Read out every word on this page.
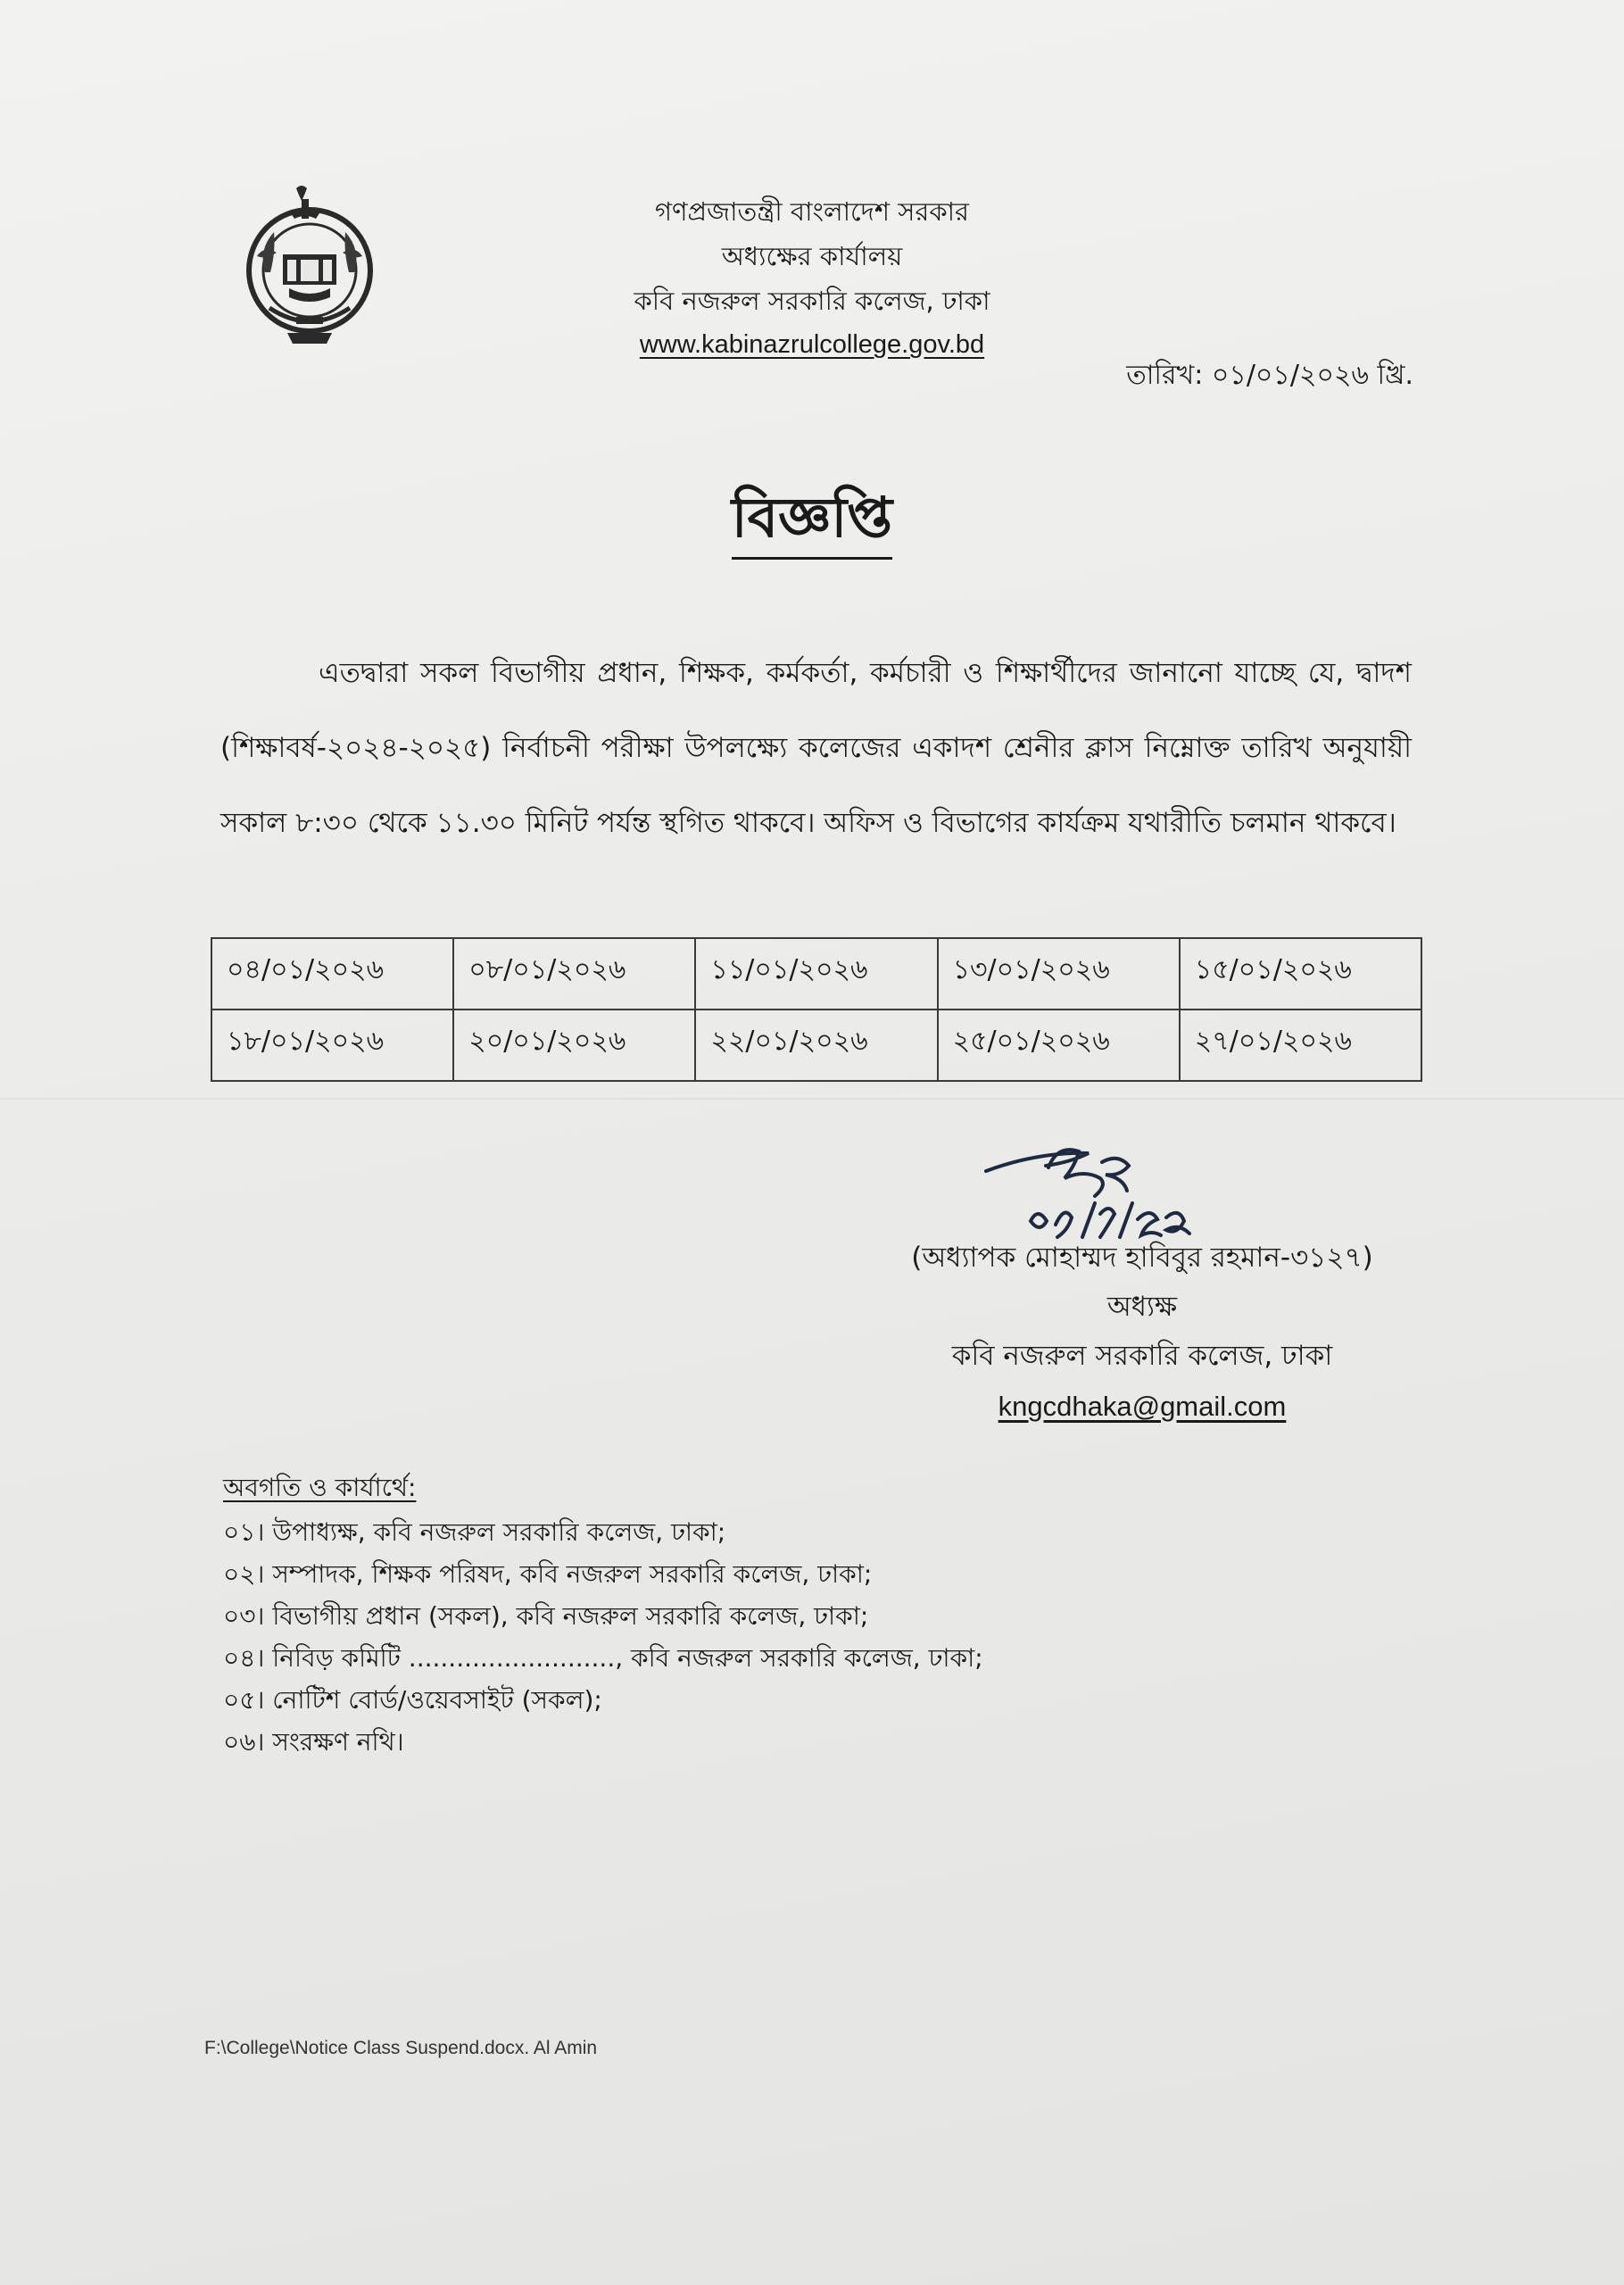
গণপ্রজাতন্ত্রী বাংলাদেশ সরকার
অধ্যক্ষের কার্যালয়
কবি নজরুল সরকারি কলেজ, ঢাকা
www.kabinazrulcollege.gov.bd
তারিখ: ০১/০১/২০২৬ খ্রি.
বিজ্ঞপ্তি
এতদ্বারা সকল বিভাগীয় প্রধান, শিক্ষক, কর্মকর্তা, কর্মচারী ও শিক্ষার্থীদের জানানো যাচ্ছে যে, দ্বাদশ (শিক্ষাবর্ষ-২০২৪-২০২৫) নির্বাচনী পরীক্ষা উপলক্ষ্যে কলেজের একাদশ শ্রেনীর ক্লাস নিম্নোক্ত তারিখ অনুযায়ী সকাল ৮:৩০ থেকে ১১.৩০ মিনিট পর্যন্ত স্থগিত থাকবে। অফিস ও বিভাগের কার্যক্রম যথারীতি চলমান থাকবে।
০৪/০১/২০২৬	০৮/০১/২০২৬	১১/০১/২০২৬	১৩/০১/২০২৬	১৫/০১/২০২৬
১৮/০১/২০২৬	২০/০১/২০২৬	২২/০১/২০২৬	২৫/০১/২০২৬	২৭/০১/২০২৬
(অধ্যাপক মোহাম্মদ হাবিবুর রহমান-৩১২৭)
অধ্যক্ষ
কবি নজরুল সরকারি কলেজ, ঢাকা
kngcdhaka@gmail.com
অবগতি ও কার্যার্থে:
০১। উপাধ্যক্ষ, কবি নজরুল সরকারি কলেজ, ঢাকা;
০২। সম্পাদক, শিক্ষক পরিষদ, কবি নজরুল সরকারি কলেজ, ঢাকা;
০৩। বিভাগীয় প্রধান (সকল), কবি নজরুল সরকারি কলেজ, ঢাকা;
০৪। নিবিড় কমিটি .........................., কবি নজরুল সরকারি কলেজ, ঢাকা;
০৫। নোটিশ বোর্ড/ওয়েবসাইট (সকল);
০৬। সংরক্ষণ নথি।
F:\College\Notice Class Suspend.docx. Al Amin
